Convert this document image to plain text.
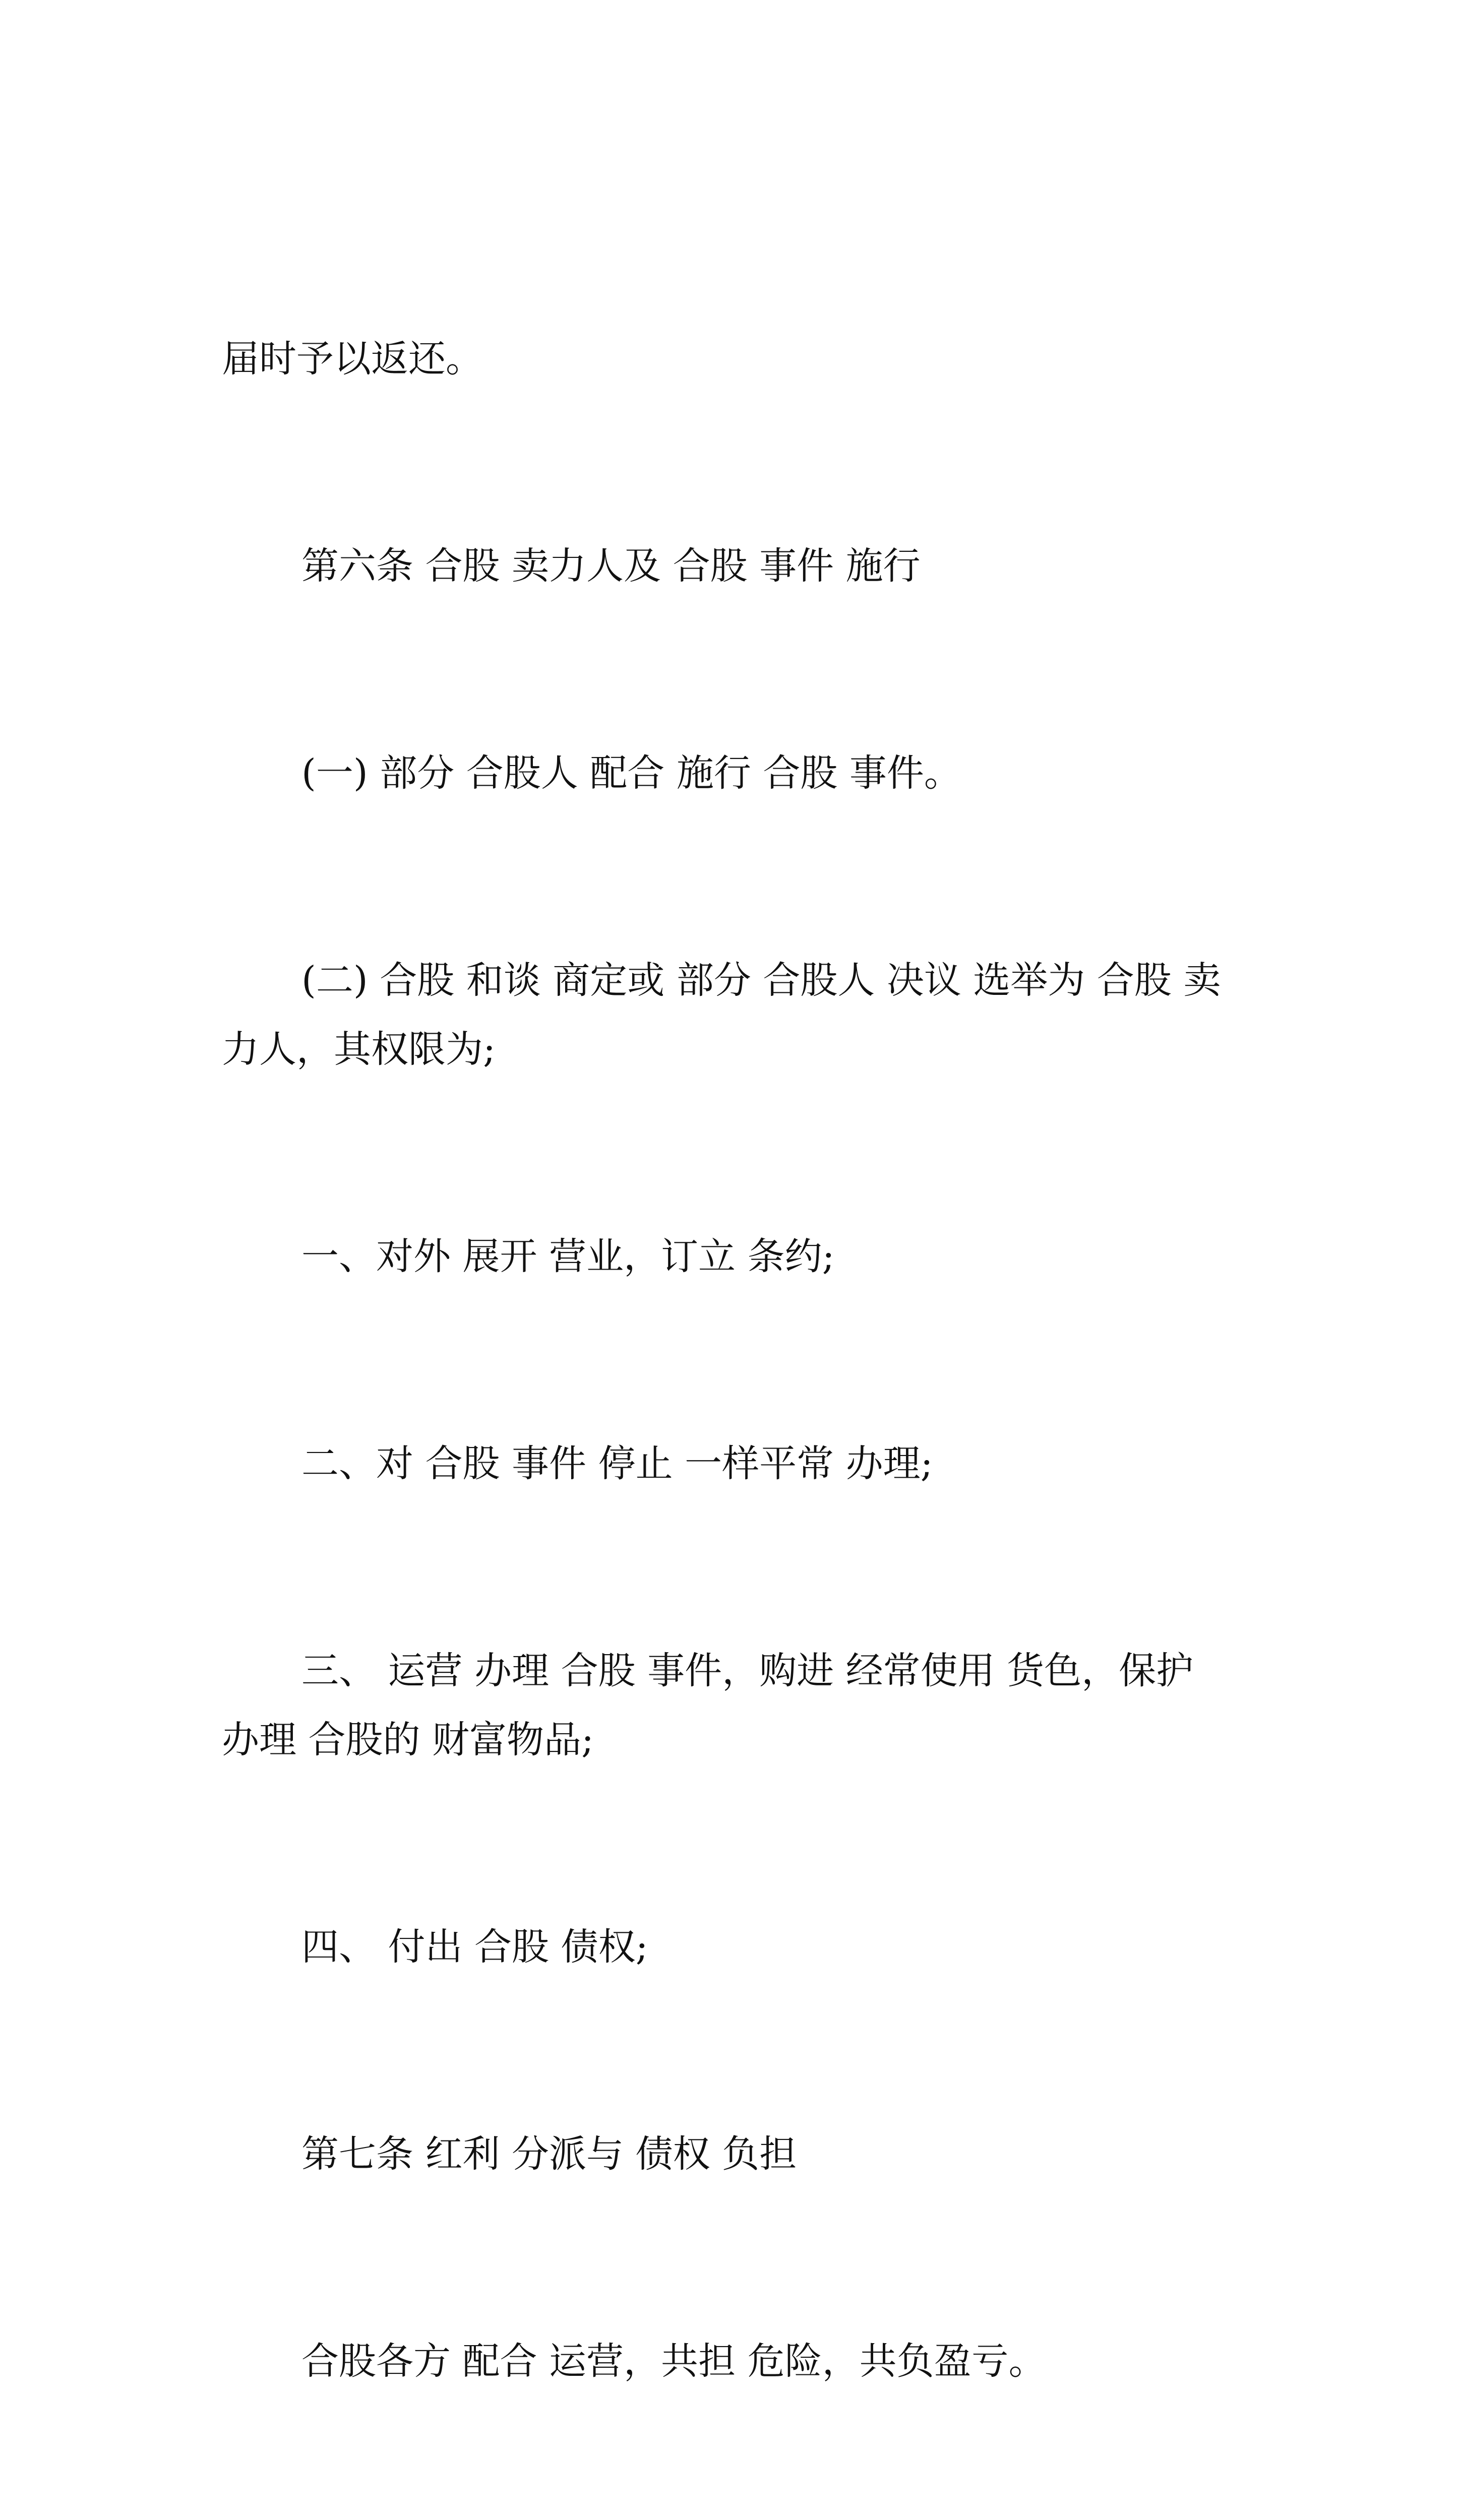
届时予以返还。

第六条 合股 卖力人及 合股 事件 施行

(一) 部分 合股人 配合 施行 合股 事件。

(二) 合股 和谈 商定或 部分 合股人 决议 选举为 合股 卖力人，其权限为;

一、对外 展开 营业，订立 条约;

二、对 合股 事件 停止 一样平常 办理;

三、 运营 办理 合股 事件，购进 经常使用 货色，保护 办理 合股的 财富物品;

四、 付出 合股 债权;

第七条 红利 分派与 债权 负担

合股各方 配合 运营，共担 危险，共负盈亏。
